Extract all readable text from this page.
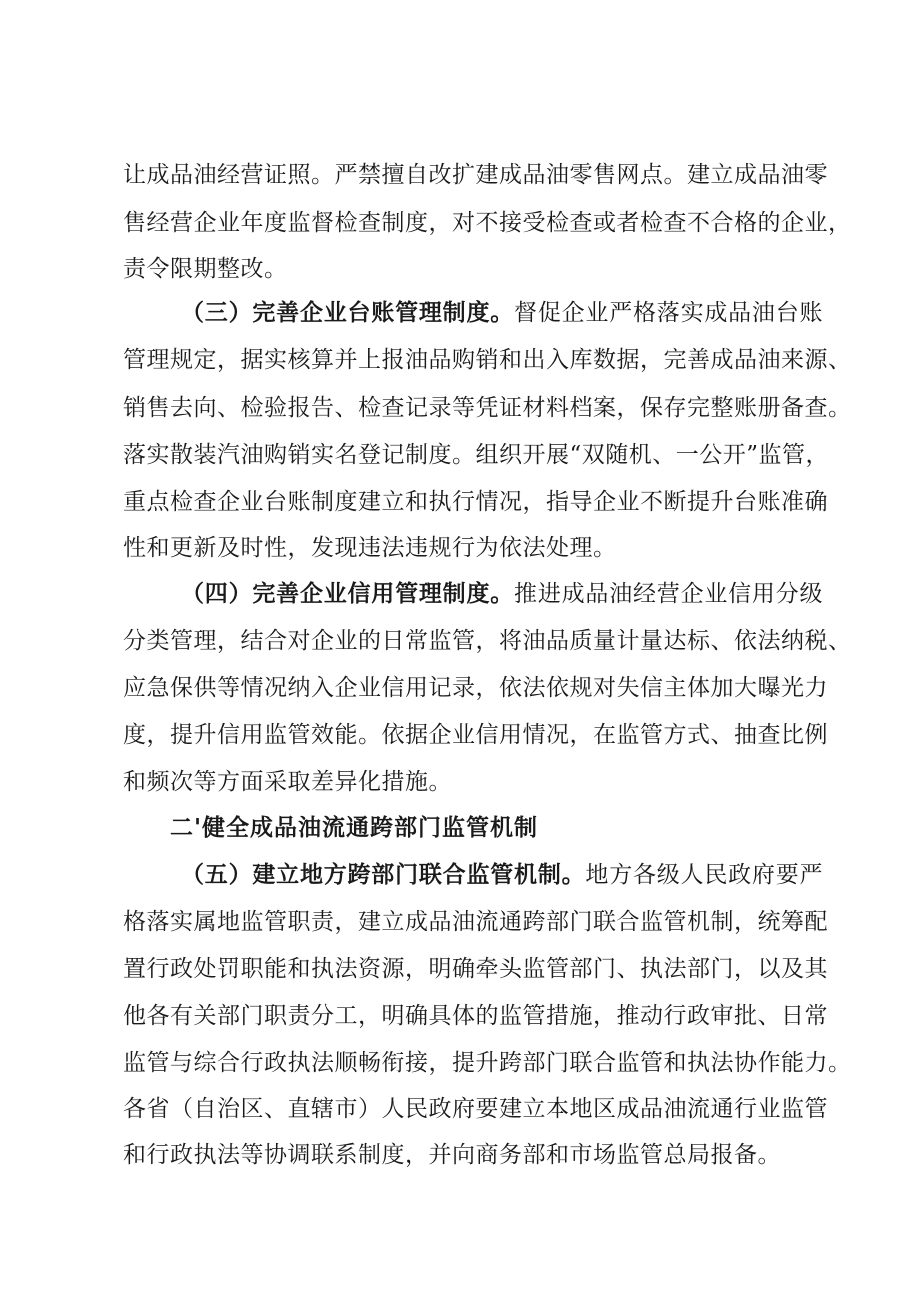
让成品油经营证照。严禁擅自改扩建成品油零售网点。建立成品油零
售经营企业年度监督检查制度，对不接受检查或者检查不合格的企业，
责令限期整改。
（三）完善企业台账管理制度。督促企业严格落实成品油台账
管理规定，据实核算并上报油品购销和出入库数据，完善成品油来源、
销售去向、检验报告、检查记录等凭证材料档案，保存完整账册备查。
落实散装汽油购销实名登记制度。组织开展“双随机、一公开”监管，
重点检查企业台账制度建立和执行情况，指导企业不断提升台账准确
性和更新及时性，发现违法违规行为依法处理。
（四）完善企业信用管理制度。推进成品油经营企业信用分级
分类管理，结合对企业的日常监管，将油品质量计量达标、依法纳税、
应急保供等情况纳入企业信用记录，依法依规对失信主体加大曝光力
度，提升信用监管效能。依据企业信用情况，在监管方式、抽查比例
和频次等方面采取差异化措施。
二'健全成品油流通跨部门监管机制
（五）建立地方跨部门联合监管机制。地方各级人民政府要严
格落实属地监管职责，建立成品油流通跨部门联合监管机制，统筹配
置行政处罚职能和执法资源，明确牵头监管部门、执法部门，以及其
他各有关部门职责分工，明确具体的监管措施，推动行政审批、日常
监管与综合行政执法顺畅衔接，提升跨部门联合监管和执法协作能力。
各省（自治区、直辖市）人民政府要建立本地区成品油流通行业监管
和行政执法等协调联系制度，并向商务部和市场监管总局报备。
